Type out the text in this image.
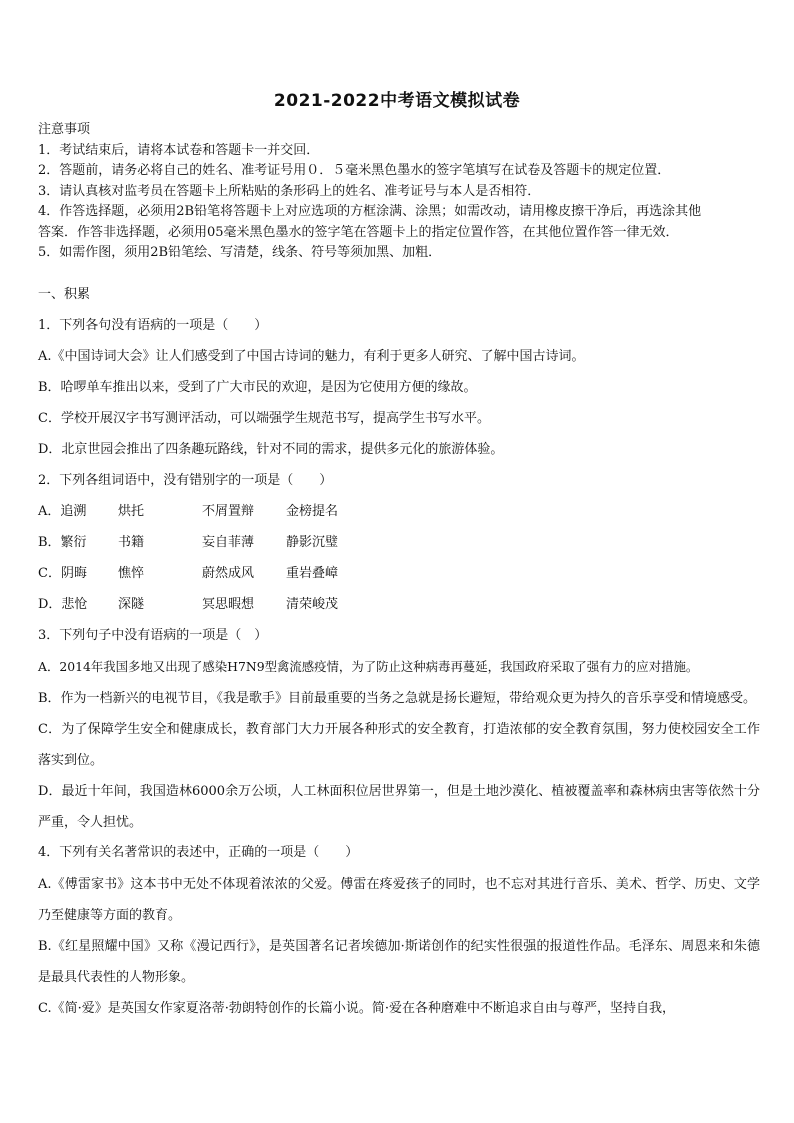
2021-2022中考语文模拟试卷
注意事项
1．考试结束后，请将本试卷和答题卡一并交回．
2．答题前，请务必将自己的姓名、准考证号用０．５毫米黑色墨水的签字笔填写在试卷及答题卡的规定位置．
3．请认真核对监考员在答题卡上所粘贴的条形码上的姓名、准考证号与本人是否相符．
4．作答选择题，必须用2B铅笔将答题卡上对应选项的方框涂满、涂黑；如需改动，请用橡皮擦干净后，再选涂其他
答案．作答非选择题，必须用05毫米黑色墨水的签字笔在答题卡上的指定位置作答，在其他位置作答一律无效．
5．如需作图，须用2B铅笔绘、写清楚，线条、符号等须加黑、加粗．
一、积累
1．下列各句没有语病的一项是（　　）
A.《中国诗词大会》让人们感受到了中国古诗词的魅力，有利于更多人研究、了解中国古诗词。
B．哈啰单车推出以来，受到了广大市民的欢迎，是因为它使用方便的缘故。
C．学校开展汉字书写测评活动，可以端强学生规范书写，提高学生书写水平。
D．北京世园会推出了四条趣玩路线，针对不同的需求，提供多元化的旅游体验。
2．下列各组词语中，没有错别字的一项是（　　）
A．追溯	烘托	不屑置辩	金榜提名
B．繁衍	书籍	妄自菲薄	静影沉璧
C．阴晦	憔悴	蔚然成风	重岩叠嶂
D．悲怆	深隧	冥思暇想	清荣峻茂
3．下列句子中没有语病的一项是（　）
A．2014年我国多地又出现了感染H7N9型禽流感疫情，为了防止这种病毒再蔓延，我国政府采取了强有力的应对措施。
B．作为一档新兴的电视节目，《我是歌手》目前最重要的当务之急就是扬长避短，带给观众更为持久的音乐享受和情境感受。
C．为了保障学生安全和健康成长，教育部门大力开展各种形式的安全教育，打造浓郁的安全教育氛围，努力使校园安全工作落实到位。
D．最近十年间，我国造林6000余万公顷，人工林面积位居世界第一，但是土地沙漠化、植被覆盖率和森林病虫害等依然十分严重，令人担忧。
4．下列有关名著常识的表述中，正确的一项是（　　）
A.《傅雷家书》这本书中无处不体现着浓浓的父爱。傅雷在疼爱孩子的同时，也不忘对其进行音乐、美术、哲学、历史、文学乃至健康等方面的教育。
B.《红星照耀中国》又称《漫记西行》，是英国著名记者埃德加·斯诺创作的纪实性很强的报道性作品。毛泽东、周恩来和朱德是最具代表性的人物形象。
C.《简·爱》是英国女作家夏洛蒂·勃朗特创作的长篇小说。简·爱在各种磨难中不断追求自由与尊严，坚持自我，
